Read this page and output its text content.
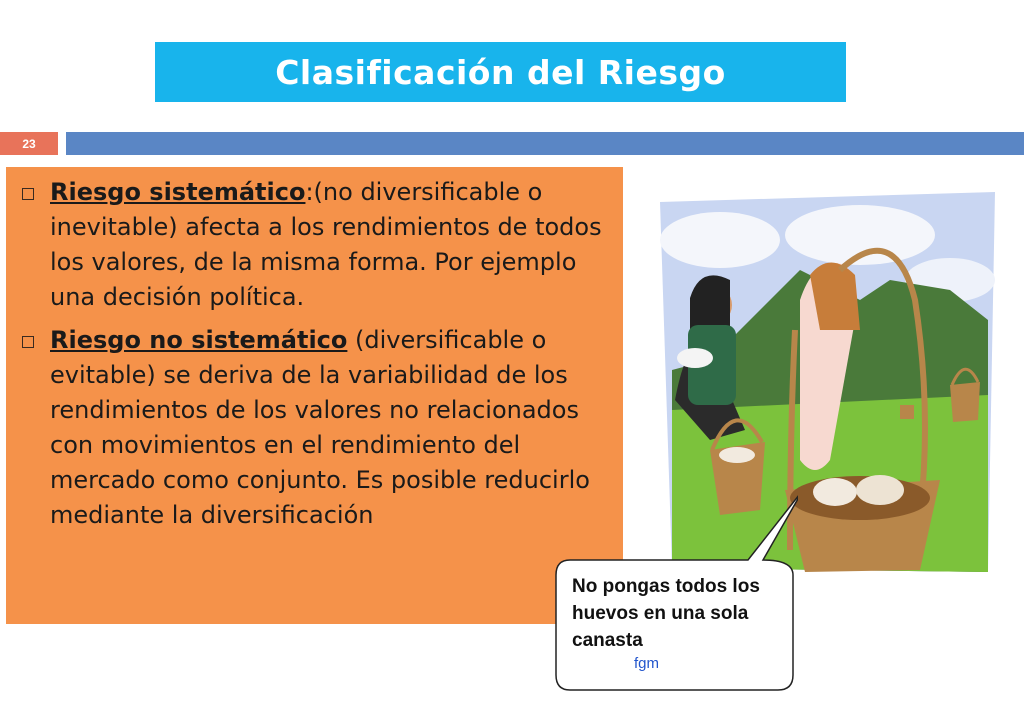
Clasificación del Riesgo
23
Riesgo sistemático:(no diversificable o inevitable) afecta a los rendimientos de todos los valores, de la misma forma. Por ejemplo una decisión política.
Riesgo no sistemático (diversificable o evitable) se deriva de la variabilidad de los rendimientos de los valores no relacionados con movimientos en el rendimiento del mercado como conjunto. Es posible reducirlo mediante la diversificación
No pongas todos los huevos en una sola canasta
fgm
